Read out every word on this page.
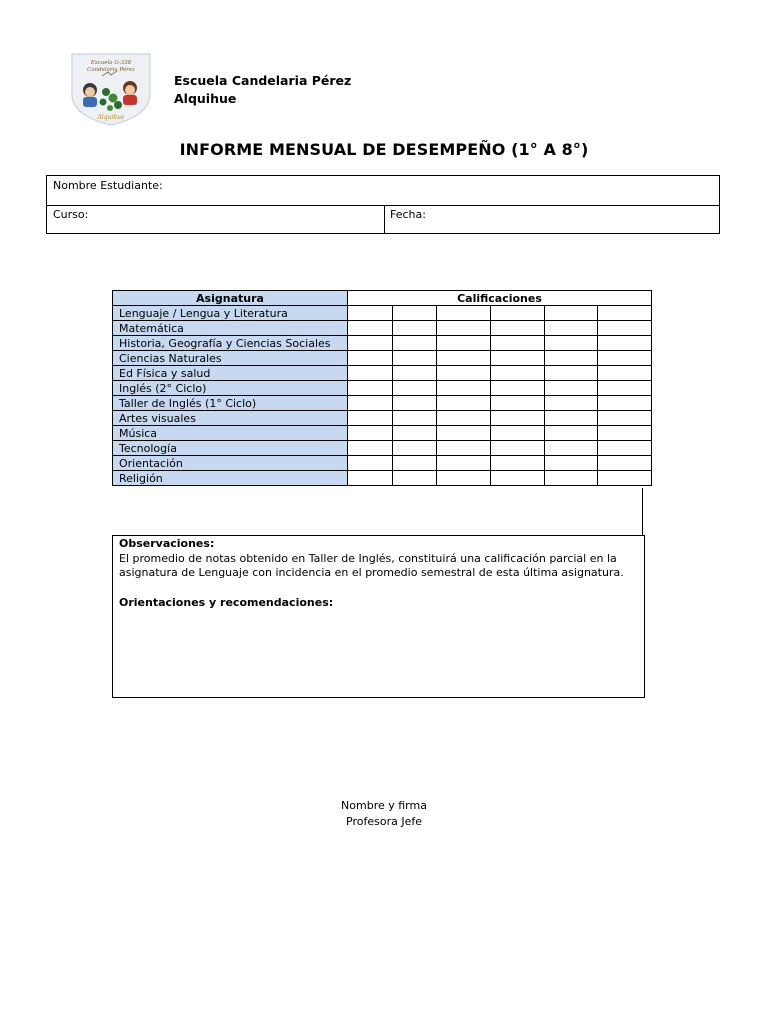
Escuela G-338
Candelaria Pérez
Alquihue
Escuela Candelaria Pérez
Alquihue
INFORME MENSUAL DE DESEMPEÑO (1° A 8°)
Nombre Estudiante:
Curso:	Fecha:
Asignatura	Calificaciones					
Lenguaje / Lengua y Literatura						
Matemática						
Historia, Geografía y Ciencias Sociales						
Ciencias Naturales						
Ed Física y salud						
Inglés (2° Ciclo)						
Taller de Inglés (1° Ciclo)						
Artes visuales						
Música						
Tecnología						
Orientación						
Religión						
Observaciones:

El promedio de notas obtenido en Taller de Inglés, constituirá una calificación parcial en la asignatura de Lenguaje con incidencia en el promedio semestral de esta última asignatura.

Orientaciones y recomendaciones:
Nombre y firma
Profesora Jefe
